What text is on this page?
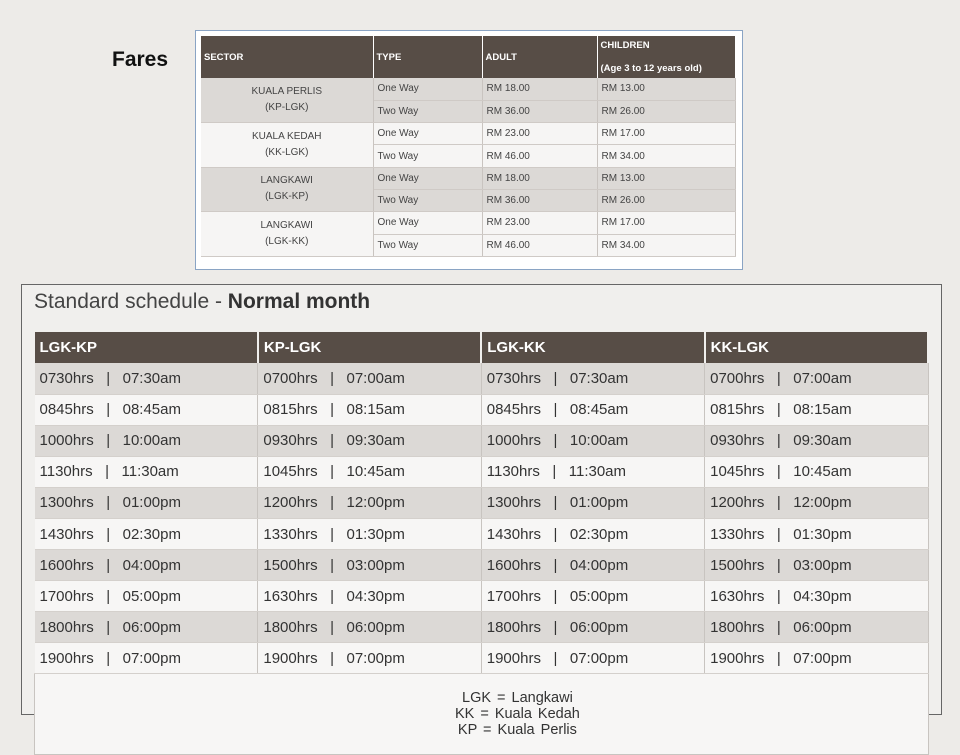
Fares	SECTOR	TYPE	ADULT	CHILDREN
(Age 3 to 12 years old)

KUALA PERLIS
(KP-LGK)	One Way	RM 18.00	RM 13.00
	Two Way	RM 36.00	RM 26.00
KUALA KEDAH
(KK-LGK)	One Way	RM 23.00	RM 17.00
	Two Way	RM 46.00	RM 34.00
LANGKAWI
(LGK-KP)	One Way	RM 18.00	RM 13.00
	Two Way	RM 36.00	RM 26.00
LANGKAWI
(LGK-KK)	One Way	RM 23.00	RM 17.00
	Two Way	RM 46.00	RM 34.00
Standard schedule - Normal month
LGK-KP	KP-LGK	LGK-KK	KK-LGK
0730hrs   |   07:30am	0700hrs   |   07:00am	0730hrs   |   07:30am	0700hrs   |   07:00am
0845hrs   |   08:45am	0815hrs   |   08:15am	0845hrs   |   08:45am	0815hrs   |   08:15am
1000hrs   |   10:00am	0930hrs   |   09:30am	1000hrs   |   10:00am	0930hrs   |   09:30am
1130hrs   |   11:30am	1045hrs   |   10:45am	1130hrs   |   11:30am	1045hrs   |   10:45am
1300hrs   |   01:00pm	1200hrs   |   12:00pm	1300hrs   |   01:00pm	1200hrs   |   12:00pm
1430hrs   |   02:30pm	1330hrs   |   01:30pm	1430hrs   |   02:30pm	1330hrs   |   01:30pm
1600hrs   |   04:00pm	1500hrs   |   03:00pm	1600hrs   |   04:00pm	1500hrs   |   03:00pm
1700hrs   |   05:00pm	1630hrs   |   04:30pm	1700hrs   |   05:00pm	1630hrs   |   04:30pm
1800hrs   |   06:00pm	1800hrs   |   06:00pm	1800hrs   |   06:00pm	1800hrs   |   06:00pm
1900hrs   |   07:00pm	1900hrs   |   07:00pm	1900hrs   |   07:00pm	1900hrs   |   07:00pm

LGK = Langkawi
KK = Kuala Kedah
KP = Kuala Perlis			
